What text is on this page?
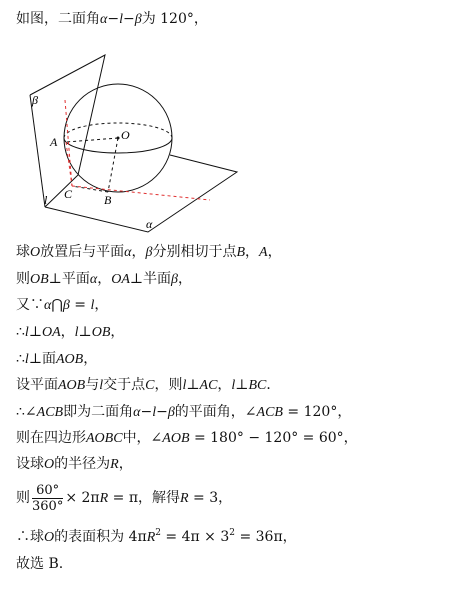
β
A	O
C	B
l
α
如图，二面角α−l−β为 120°，
球O放置后与平面α，β分别相切于点B，A，
则OB⊥平面α，OA⊥半面β，
又∵α⋂β = l，
∴l⊥OA，l⊥OB，
∴l⊥面AOB，
设平面AOB与l交于点C，则l⊥AC，l⊥BC．
∴∠ACB即为二面角α−l−β的平面角，∠ACB = 120°，
则在四边形AOBC中，∠AOB = 180° − 120° = 60°，
设球O的半径为R，
则 $\frac{60^\circ}{360^\circ} \times 2\pi R = \pi$，解得R = 3，
∴球O的表面积为 $4\pi R^2 = 4\pi \times 3^2 = 36\pi$，
故选 B.
